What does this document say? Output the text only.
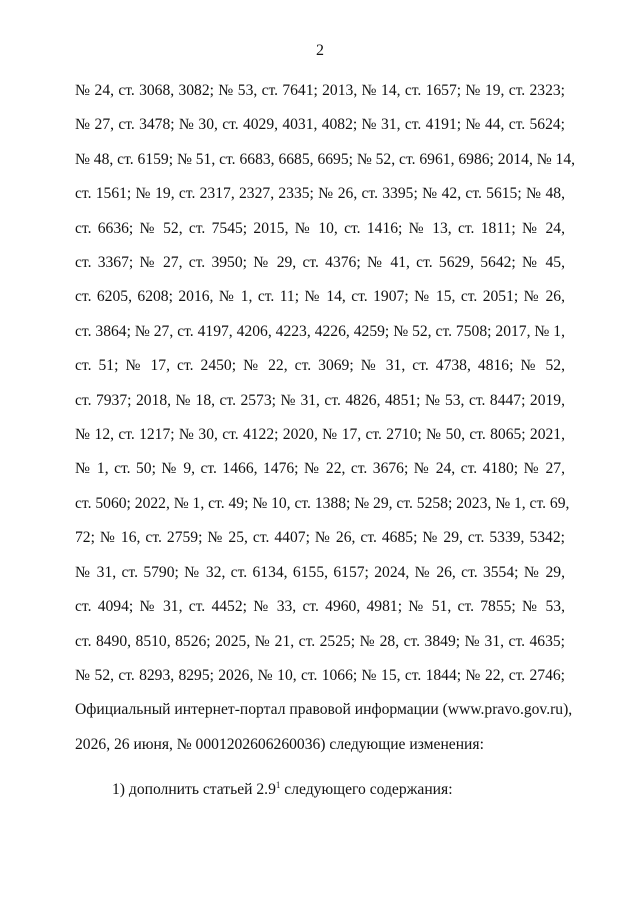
2
№ 24, ст. 3068, 3082; № 53, ст. 7641; 2013, № 14, ст. 1657; № 19, ст. 2323;
№ 27, ст. 3478; № 30, ст. 4029, 4031, 4082; № 31, ст. 4191; № 44, ст. 5624;
№ 48, ст. 6159; № 51, ст. 6683, 6685, 6695; № 52, ст. 6961, 6986; 2014, № 14,
ст. 1561; № 19, ст. 2317, 2327, 2335; № 26, ст. 3395; № 42, ст. 5615; № 48,
ст. 6636; № 52, ст. 7545; 2015, № 10, ст. 1416; № 13, ст. 1811; № 24,
ст. 3367; № 27, ст. 3950; № 29, ст. 4376; № 41, ст. 5629, 5642; № 45,
ст. 6205, 6208; 2016, № 1, ст. 11; № 14, ст. 1907; № 15, ст. 2051; № 26,
ст. 3864; № 27, ст. 4197, 4206, 4223, 4226, 4259; № 52, ст. 7508; 2017, № 1,
ст. 51; № 17, ст. 2450; № 22, ст. 3069; № 31, ст. 4738, 4816; № 52,
ст. 7937; 2018, № 18, ст. 2573; № 31, ст. 4826, 4851; № 53, ст. 8447; 2019,
№ 12, ст. 1217; № 30, ст. 4122; 2020, № 17, ст. 2710; № 50, ст. 8065; 2021,
№ 1, ст. 50; № 9, ст. 1466, 1476; № 22, ст. 3676; № 24, ст. 4180; № 27,
ст. 5060; 2022, № 1, ст. 49; № 10, ст. 1388; № 29, ст. 5258; 2023, № 1, ст. 69,
72; № 16, ст. 2759; № 25, ст. 4407; № 26, ст. 4685; № 29, ст. 5339, 5342;
№ 31, ст. 5790; № 32, ст. 6134, 6155, 6157; 2024, № 26, ст. 3554; № 29,
ст. 4094; № 31, ст. 4452; № 33, ст. 4960, 4981; № 51, ст. 7855; № 53,
ст. 8490, 8510, 8526; 2025, № 21, ст. 2525; № 28, ст. 3849; № 31, ст. 4635;
№ 52, ст. 8293, 8295; 2026, № 10, ст. 1066; № 15, ст. 1844; № 22, ст. 2746;
Официальный интернет-портал правовой информации (www.pravo.gov.ru),
2026, 26 июня, № 0001202606260036) следующие изменения:
1) дополнить статьей $2.9^1$ следующего содержания:
